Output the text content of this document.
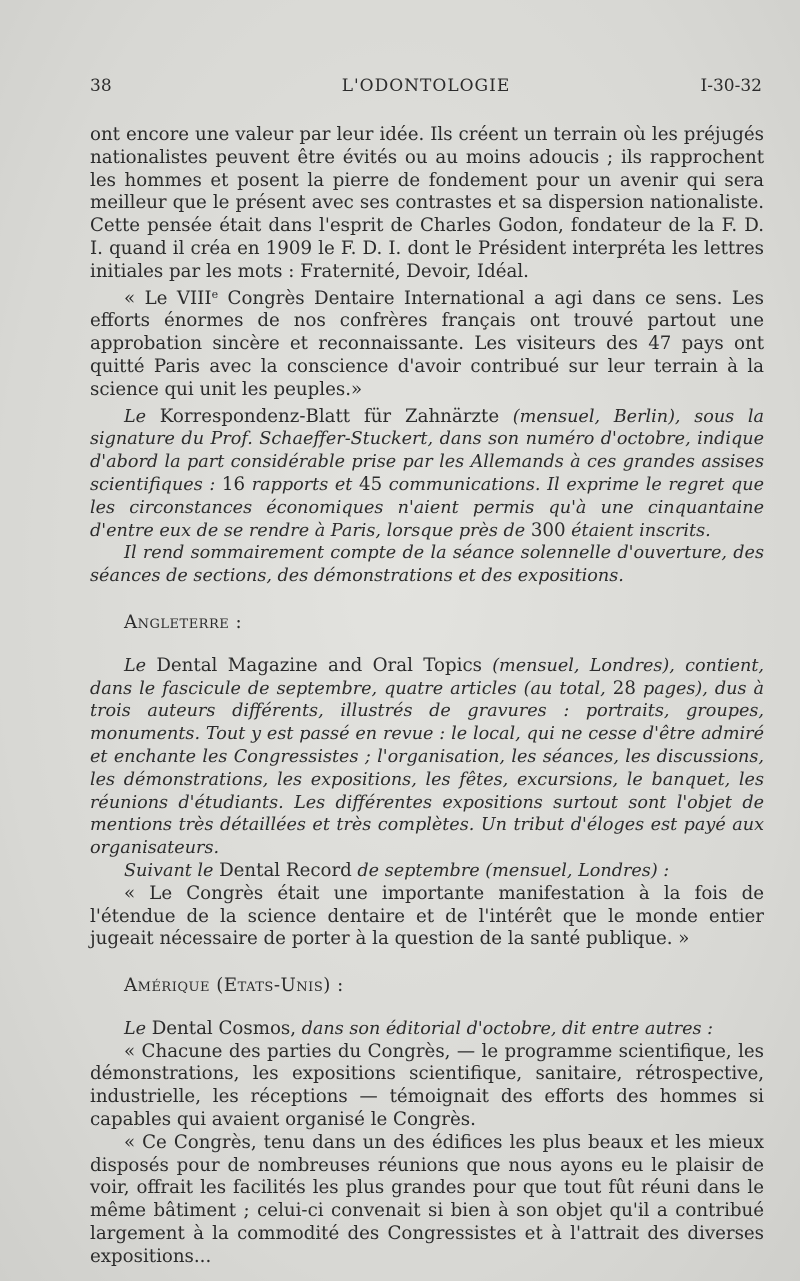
38	L'ODONTOLOGIE	I-30-32

ont encore une valeur par leur idée. Ils créent un terrain où les préjugés nationalistes peuvent être évités ou au moins adoucis ; ils rapprochent les hommes et posent la pierre de fondement pour un avenir qui sera meilleur que le présent avec ses contrastes et sa dispersion nationaliste. Cette pensée était dans l'esprit de Charles Godon, fondateur de la F. D. I. quand il créa en 1909 le F. D. I. dont le Président interpréta les lettres initiales par les mots : Fraternité, Devoir, Idéal.

« Le VIIIe Congrès Dentaire International a agi dans ce sens. Les efforts énormes de nos confrères français ont trouvé partout une approbation sincère et reconnaissante. Les visiteurs des 47 pays ont quitté Paris avec la conscience d'avoir contribué sur leur terrain à la science qui unit les peuples.»

Le Korrespondenz-Blatt für Zahnärzte (mensuel, Berlin), sous la signature du Prof. Schaeffer-Stuckert, dans son numéro d'octobre, indique d'abord la part considérable prise par les Allemands à ces grandes assises scientifiques : 16 rapports et 45 communications. Il exprime le regret que les circonstances économiques n'aient permis qu'à une cinquantaine d'entre eux de se rendre à Paris, lorsque près de 300 étaient inscrits.

Il rend sommairement compte de la séance solennelle d'ouverture, des séances de sections, des démonstrations et des expositions.

Angleterre :

Le Dental Magazine and Oral Topics (mensuel, Londres), contient, dans le fascicule de septembre, quatre articles (au total, 28 pages), dus à trois auteurs différents, illustrés de gravures : portraits, groupes, monuments. Tout y est passé en revue : le local, qui ne cesse d'être admiré et enchante les Congressistes ; l'organisation, les séances, les discussions, les démonstrations, les expositions, les fêtes, excursions, le banquet, les réunions d'étudiants. Les différentes expositions surtout sont l'objet de mentions très détaillées et très complètes. Un tribut d'éloges est payé aux organisateurs.

Suivant le Dental Record de septembre (mensuel, Londres) :

« Le Congrès était une importante manifestation à la fois de l'étendue de la science dentaire et de l'intérêt que le monde entier jugeait nécessaire de porter à la question de la santé publique. »

Amérique (Etats-Unis) :

Le Dental Cosmos, dans son éditorial d'octobre, dit entre autres :

« Chacune des parties du Congrès, — le programme scientifique, les démonstrations, les expositions scientifique, sanitaire, rétrospective, industrielle, les réceptions — témoignait des efforts des hommes si capables qui avaient organisé le Congrès.

« Ce Congrès, tenu dans un des édifices les plus beaux et les mieux disposés pour de nombreuses réunions que nous ayons eu le plaisir de voir, offrait les facilités les plus grandes pour que tout fût réuni dans le même bâtiment ; celui-ci convenait si bien à son objet qu'il a contribué largement à la commodité des Congressistes et à l'attrait des diverses expositions...
